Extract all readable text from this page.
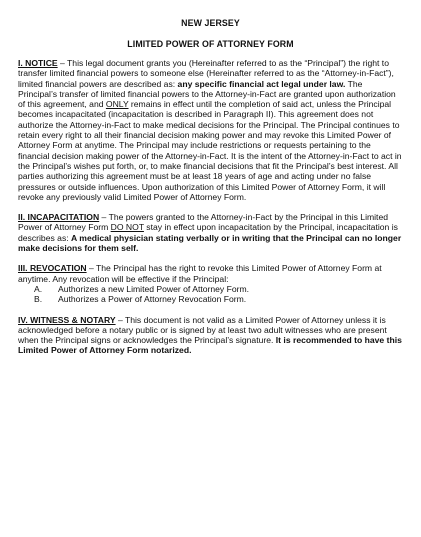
NEW JERSEY
LIMITED POWER OF ATTORNEY FORM
I. NOTICE – This legal document grants you (Hereinafter referred to as the “Principal”) the right to transfer limited financial powers to someone else (Hereinafter referred to as the “Attorney-in-Fact”), limited financial powers are described as: any specific financial act legal under law. The Principal’s transfer of limited financial powers to the Attorney-in-Fact are granted upon authorization of this agreement, and ONLY remains in effect until the completion of said act, unless the Principal becomes incapacitated (incapacitation is described in Paragraph II). This agreement does not authorize the Attorney-in-Fact to make medical decisions for the Principal. The Principal continues to retain every right to all their financial decision making power and may revoke this Limited Power of Attorney Form at anytime. The Principal may include restrictions or requests pertaining to the financial decision making power of the Attorney-in-Fact. It is the intent of the Attorney-in-Fact to act in the Principal’s wishes put forth, or, to make financial decisions that fit the Principal’s best interest. All parties authorizing this agreement must be at least 18 years of age and acting under no false pressures or outside influences. Upon authorization of this Limited Power of Attorney Form, it will revoke any previously valid Limited Power of Attorney Form.
II. INCAPACITATION – The powers granted to the Attorney-in-Fact by the Principal in this Limited Power of Attorney Form DO NOT stay in effect upon incapacitation by the Principal, incapacitation is describes as: A medical physician stating verbally or in writing that the Principal can no longer make decisions for them self.
III. REVOCATION – The Principal has the right to revoke this Limited Power of Attorney Form at anytime. Any revocation will be effective if the Principal:
A.	Authorizes a new Limited Power of Attorney Form.
B.	Authorizes a Power of Attorney Revocation Form.
IV. WITNESS & NOTARY – This document is not valid as a Limited Power of Attorney unless it is acknowledged before a notary public or is signed by at least two adult witnesses who are present when the Principal signs or acknowledges the Principal’s signature. It is recommended to have this Limited Power of Attorney Form notarized.
